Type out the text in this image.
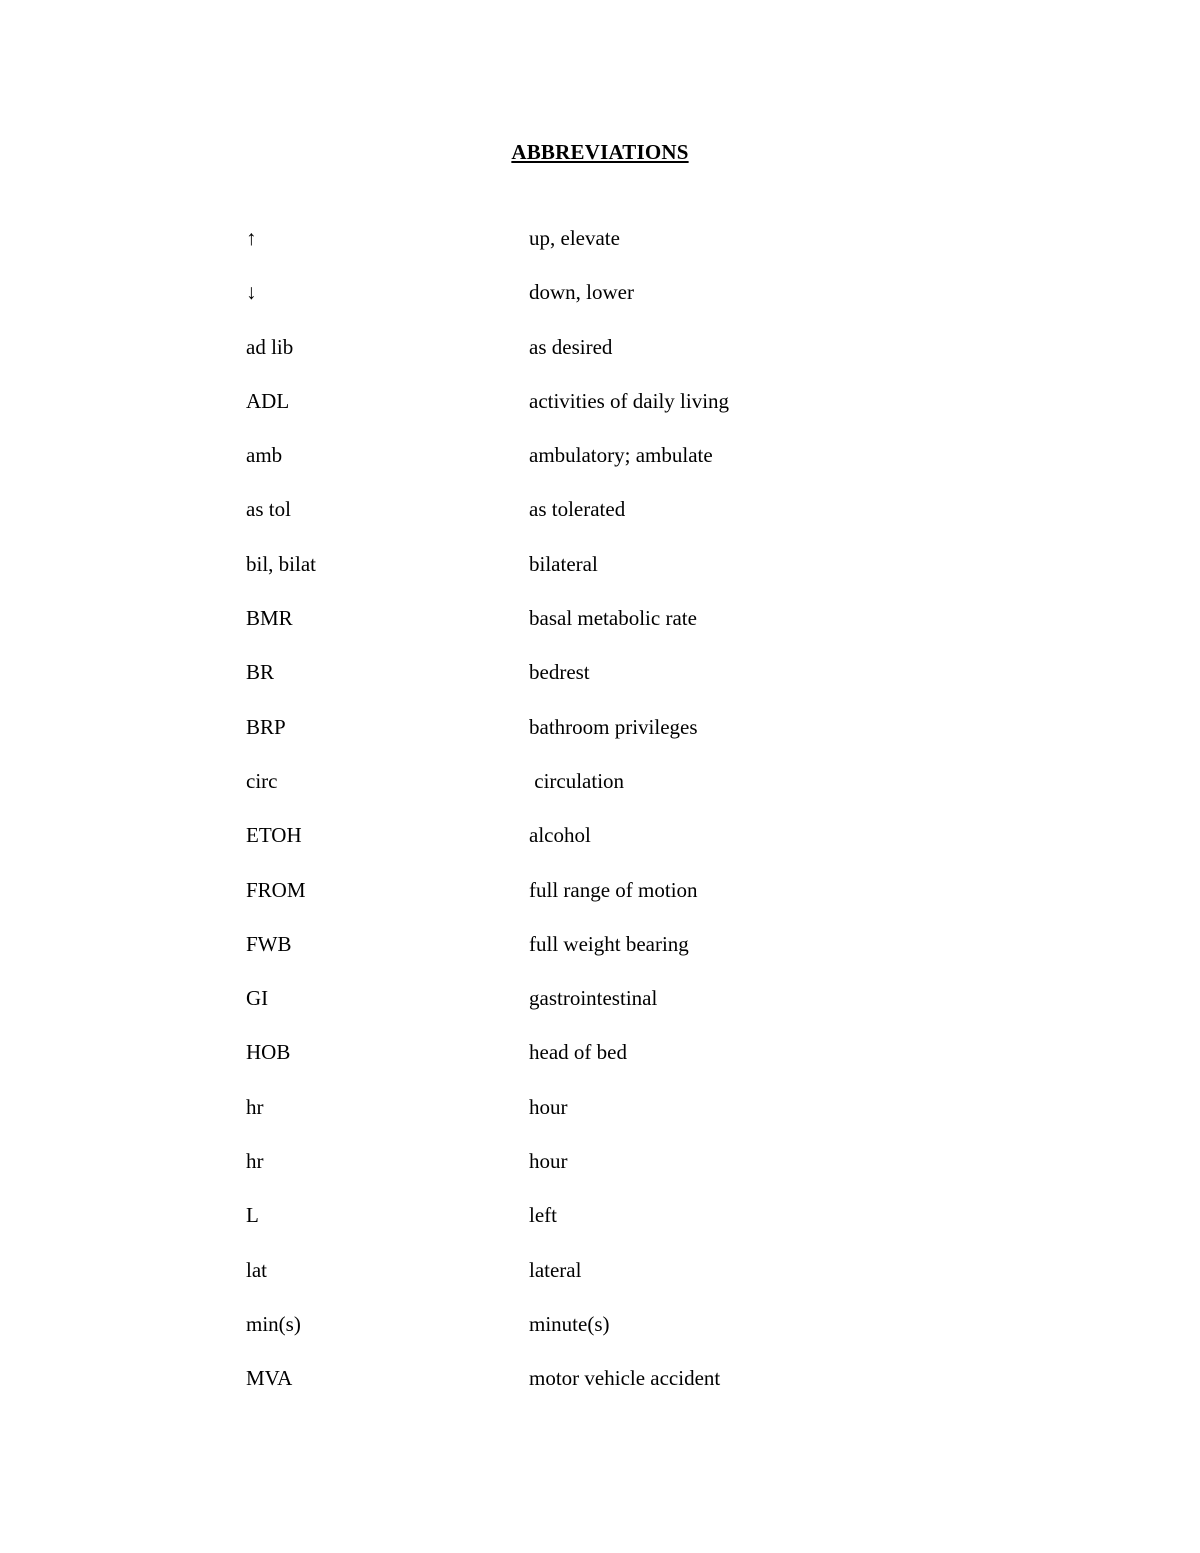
ABBREVIATIONS
↑	up, elevate
↓	down, lower
ad lib	as desired
ADL	activities of daily living
amb	ambulatory; ambulate
as tol	as tolerated
bil, bilat	bilateral
BMR	basal metabolic rate
BR	bedrest
BRP	bathroom privileges
circ	circulation
ETOH	alcohol
FROM	full range of motion
FWB	full weight bearing
GI	gastrointestinal
HOB	head of bed
hr	hour
hr	hour
L	left
lat	lateral
min(s)	minute(s)
MVA	motor vehicle accident
